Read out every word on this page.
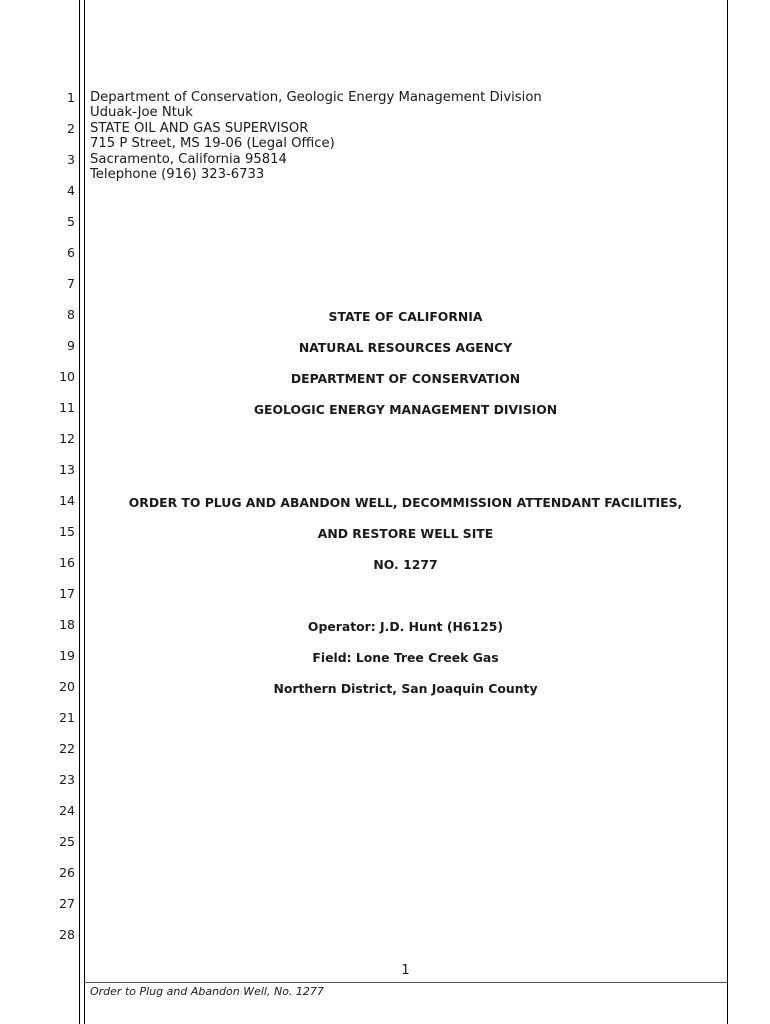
1
2
3
4
5
6
7
8
9
10
11
12
13
14
15
16
17
18
19
20
21
22
23
24
25
26
27
28
Department of Conservation, Geologic Energy Management Division
Uduak-Joe Ntuk
STATE OIL AND GAS SUPERVISOR
715 P Street, MS 19-06 (Legal Office)
Sacramento, California 95814
Telephone (916) 323-6733
STATE OF CALIFORNIA
NATURAL RESOURCES AGENCY
DEPARTMENT OF CONSERVATION
GEOLOGIC ENERGY MANAGEMENT DIVISION
ORDER TO PLUG AND ABANDON WELL, DECOMMISSION ATTENDANT FACILITIES,
AND RESTORE WELL SITE
NO. 1277
Operator: J.D. Hunt (H6125)
Field: Lone Tree Creek Gas
Northern District, San Joaquin County
1
Order to Plug and Abandon Well, No. 1277
